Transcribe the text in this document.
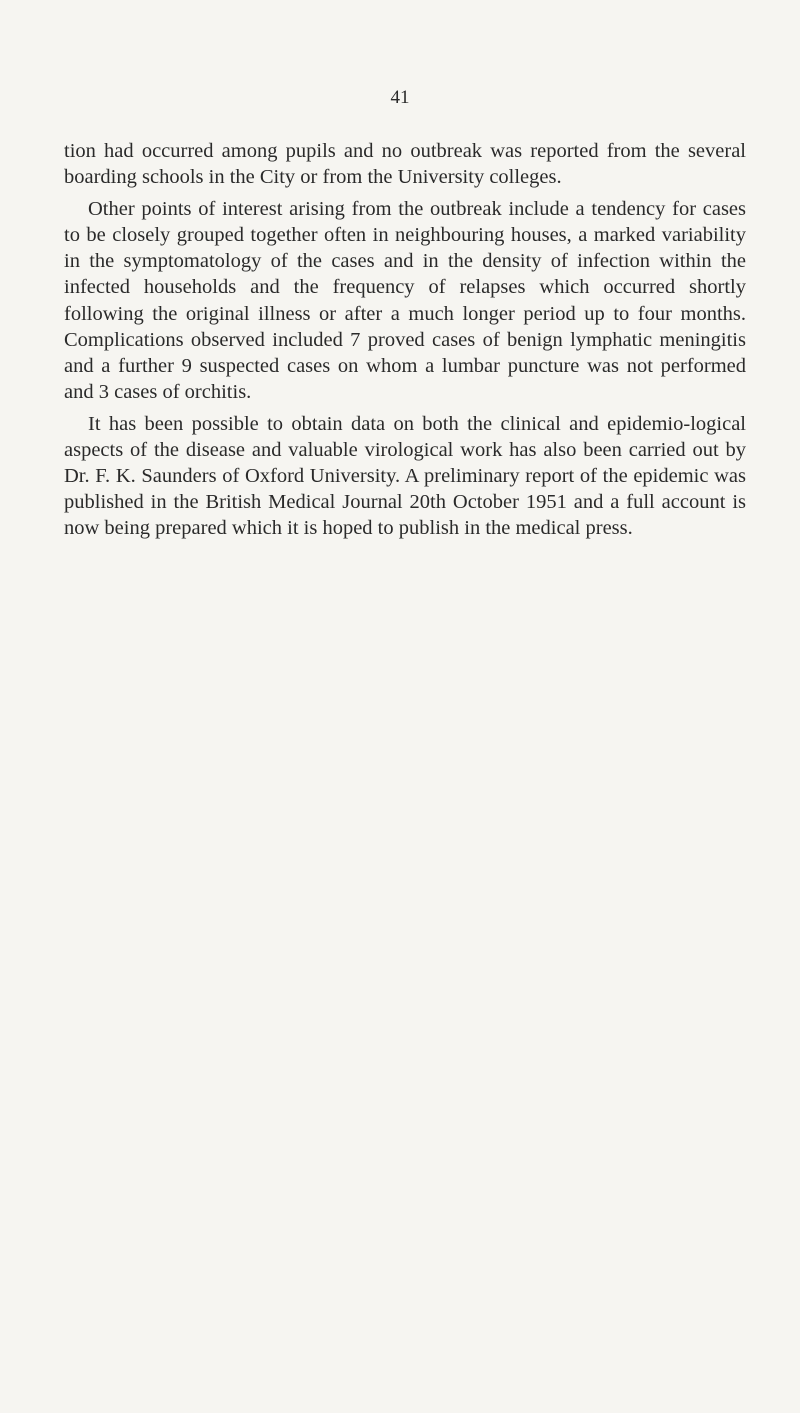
41

tion had occurred among pupils and no outbreak was reported from the several boarding schools in the City or from the University colleges.

Other points of interest arising from the outbreak include a tendency for cases to be closely grouped together often in neighbouring houses, a marked variability in the symptomatology of the cases and in the density of infection within the infected households and the frequency of relapses which occurred shortly following the original illness or after a much longer period up to four months. Complications observed included 7 proved cases of benign lymphatic meningitis and a further 9 suspected cases on whom a lumbar puncture was not performed and 3 cases of orchitis.

It has been possible to obtain data on both the clinical and epidemio-logical aspects of the disease and valuable virological work has also been carried out by Dr. F. K. Saunders of Oxford University. A preliminary report of the epidemic was published in the British Medical Journal 20th October 1951 and a full account is now being prepared which it is hoped to publish in the medical press.
